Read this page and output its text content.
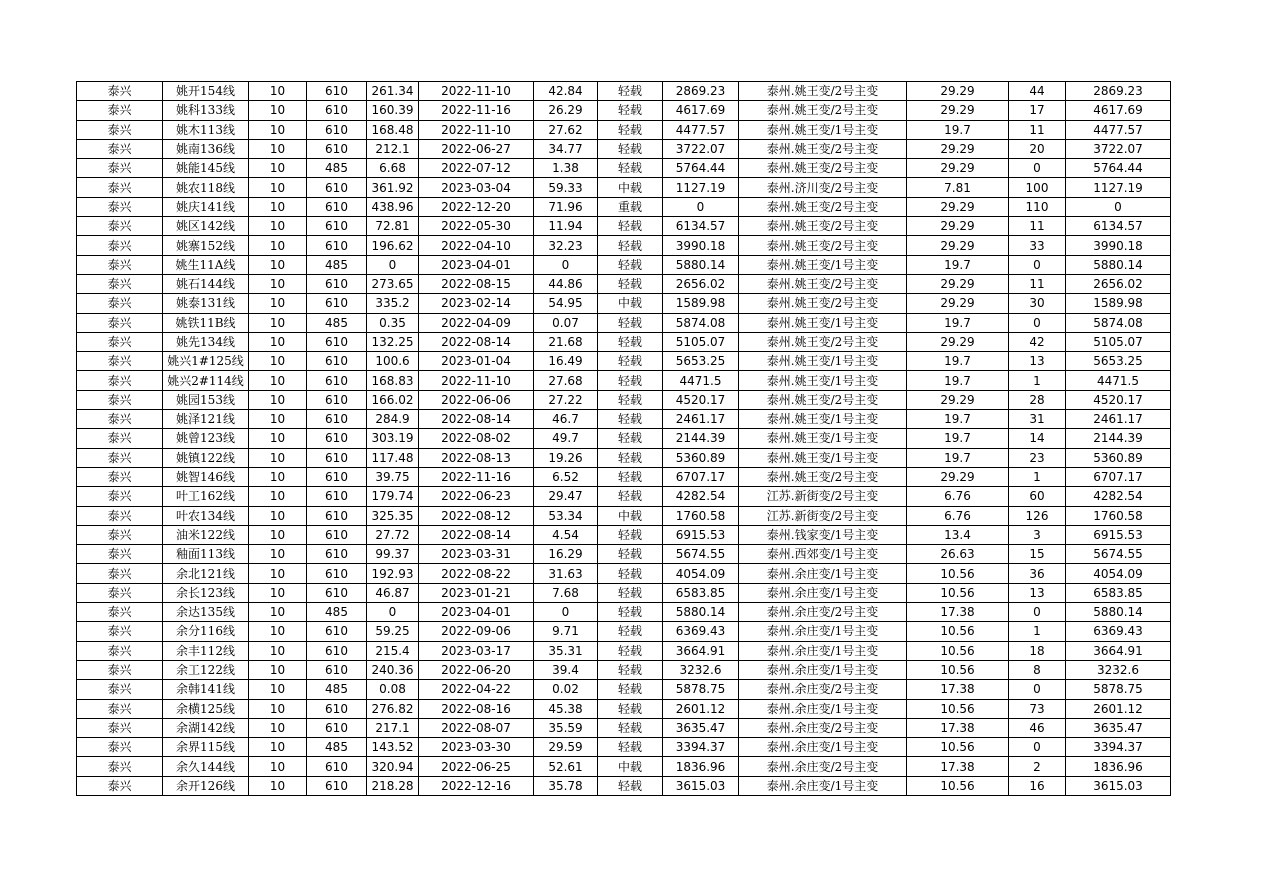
泰兴	姚开154线	10	610	261.34	2022-11-10	42.84	轻载	2869.23	泰州.姚王变/2号主变	29.29	44	2869.23
泰兴	姚科133线	10	610	160.39	2022-11-16	26.29	轻载	4617.69	泰州.姚王变/2号主变	29.29	17	4617.69
泰兴	姚木113线	10	610	168.48	2022-11-10	27.62	轻载	4477.57	泰州.姚王变/1号主变	19.7	11	4477.57
泰兴	姚南136线	10	610	212.1	2022-06-27	34.77	轻载	3722.07	泰州.姚王变/2号主变	29.29	20	3722.07
泰兴	姚能145线	10	485	6.68	2022-07-12	1.38	轻载	5764.44	泰州.姚王变/2号主变	29.29	0	5764.44
泰兴	姚农118线	10	610	361.92	2023-03-04	59.33	中载	1127.19	泰州.济川变/2号主变	7.81	100	1127.19
泰兴	姚庆141线	10	610	438.96	2022-12-20	71.96	重载	0	泰州.姚王变/2号主变	29.29	110	0
泰兴	姚区142线	10	610	72.81	2022-05-30	11.94	轻载	6134.57	泰州.姚王变/2号主变	29.29	11	6134.57
泰兴	姚寨152线	10	610	196.62	2022-04-10	32.23	轻载	3990.18	泰州.姚王变/2号主变	29.29	33	3990.18
泰兴	姚生11A线	10	485	0	2023-04-01	0	轻载	5880.14	泰州.姚王变/1号主变	19.7	0	5880.14
泰兴	姚石144线	10	610	273.65	2022-08-15	44.86	轻载	2656.02	泰州.姚王变/2号主变	29.29	11	2656.02
泰兴	姚泰131线	10	610	335.2	2023-02-14	54.95	中载	1589.98	泰州.姚王变/2号主变	29.29	30	1589.98
泰兴	姚铁11B线	10	485	0.35	2022-04-09	0.07	轻载	5874.08	泰州.姚王变/1号主变	19.7	0	5874.08
泰兴	姚先134线	10	610	132.25	2022-08-14	21.68	轻载	5105.07	泰州.姚王变/2号主变	29.29	42	5105.07
泰兴	姚兴1#125线	10	610	100.6	2023-01-04	16.49	轻载	5653.25	泰州.姚王变/1号主变	19.7	13	5653.25
泰兴	姚兴2#114线	10	610	168.83	2022-11-10	27.68	轻载	4471.5	泰州.姚王变/1号主变	19.7	1	4471.5
泰兴	姚园153线	10	610	166.02	2022-06-06	27.22	轻载	4520.17	泰州.姚王变/2号主变	29.29	28	4520.17
泰兴	姚泽121线	10	610	284.9	2022-08-14	46.7	轻载	2461.17	泰州.姚王变/1号主变	19.7	31	2461.17
泰兴	姚曾123线	10	610	303.19	2022-08-02	49.7	轻载	2144.39	泰州.姚王变/1号主变	19.7	14	2144.39
泰兴	姚镇122线	10	610	117.48	2022-08-13	19.26	轻载	5360.89	泰州.姚王变/1号主变	19.7	23	5360.89
泰兴	姚智146线	10	610	39.75	2022-11-16	6.52	轻载	6707.17	泰州.姚王变/2号主变	29.29	1	6707.17
泰兴	叶工162线	10	610	179.74	2022-06-23	29.47	轻载	4282.54	江苏.新街变/2号主变	6.76	60	4282.54
泰兴	叶农134线	10	610	325.35	2022-08-12	53.34	中载	1760.58	江苏.新街变/2号主变	6.76	126	1760.58
泰兴	油米122线	10	610	27.72	2022-08-14	4.54	轻载	6915.53	泰州.钱家变/1号主变	13.4	3	6915.53
泰兴	釉面113线	10	610	99.37	2023-03-31	16.29	轻载	5674.55	泰州.西郊变/1号主变	26.63	15	5674.55
泰兴	余北121线	10	610	192.93	2022-08-22	31.63	轻载	4054.09	泰州.余庄变/1号主变	10.56	36	4054.09
泰兴	余长123线	10	610	46.87	2023-01-21	7.68	轻载	6583.85	泰州.余庄变/1号主变	10.56	13	6583.85
泰兴	余达135线	10	485	0	2023-04-01	0	轻载	5880.14	泰州.余庄变/2号主变	17.38	0	5880.14
泰兴	余分116线	10	610	59.25	2022-09-06	9.71	轻载	6369.43	泰州.余庄变/1号主变	10.56	1	6369.43
泰兴	余丰112线	10	610	215.4	2023-03-17	35.31	轻载	3664.91	泰州.余庄变/1号主变	10.56	18	3664.91
泰兴	余工122线	10	610	240.36	2022-06-20	39.4	轻载	3232.6	泰州.余庄变/1号主变	10.56	8	3232.6
泰兴	余韩141线	10	485	0.08	2022-04-22	0.02	轻载	5878.75	泰州.余庄变/2号主变	17.38	0	5878.75
泰兴	余横125线	10	610	276.82	2022-08-16	45.38	轻载	2601.12	泰州.余庄变/1号主变	10.56	73	2601.12
泰兴	余湖142线	10	610	217.1	2022-08-07	35.59	轻载	3635.47	泰州.余庄变/2号主变	17.38	46	3635.47
泰兴	余界115线	10	485	143.52	2023-03-30	29.59	轻载	3394.37	泰州.余庄变/1号主变	10.56	0	3394.37
泰兴	余久144线	10	610	320.94	2022-06-25	52.61	中载	1836.96	泰州.余庄变/2号主变	17.38	2	1836.96
泰兴	余开126线	10	610	218.28	2022-12-16	35.78	轻载	3615.03	泰州.余庄变/1号主变	10.56	16	3615.03
